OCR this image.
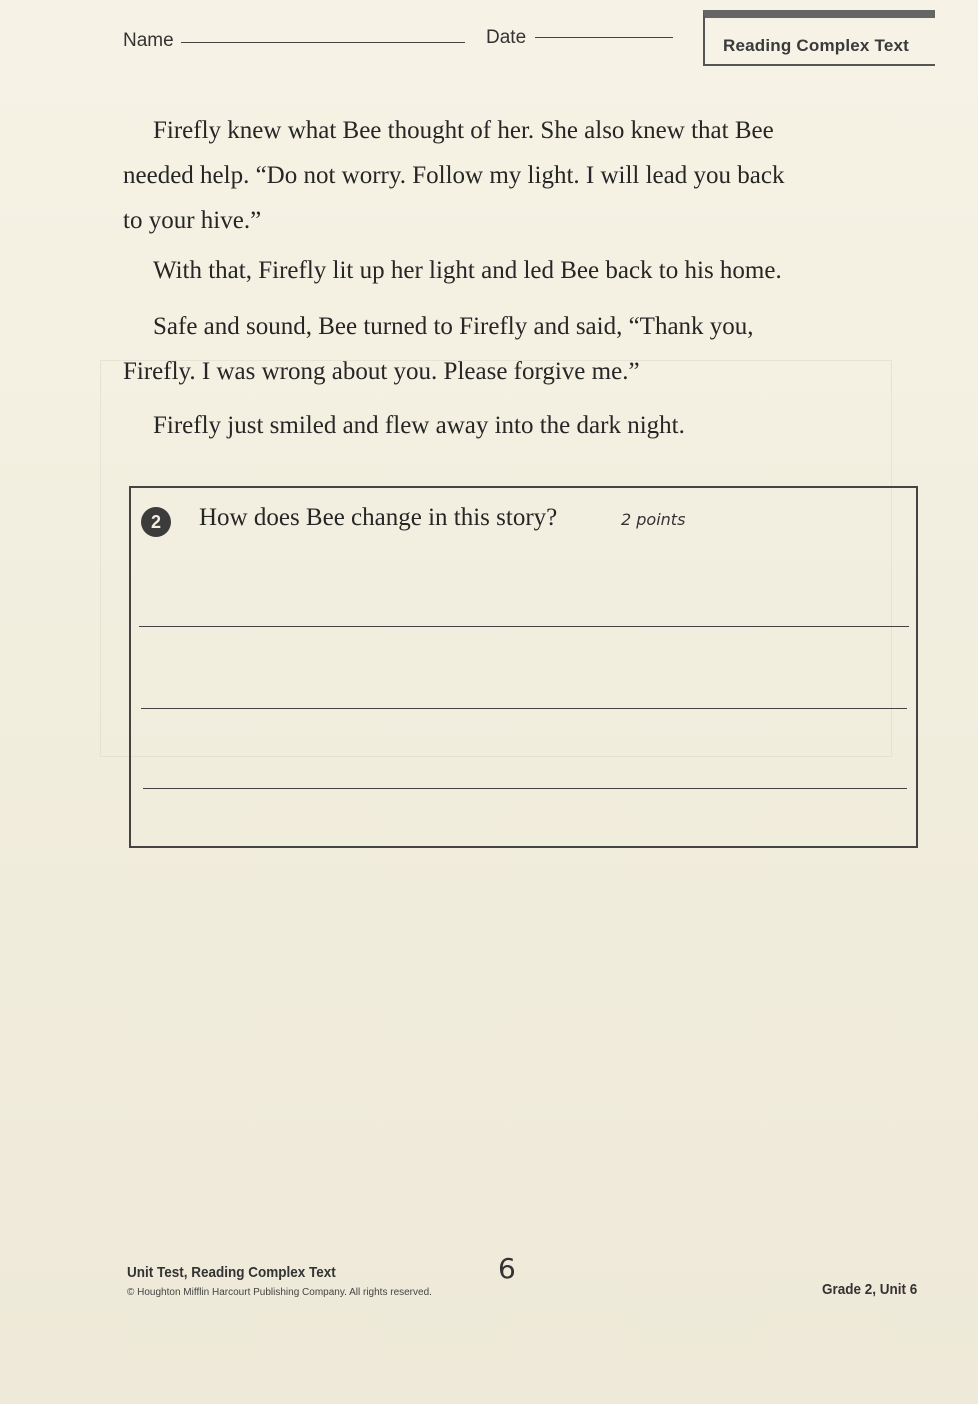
Name	Date	Reading Complex Text

Firefly knew what Bee thought of her. She also knew that Bee

needed help. “Do not worry. Follow my light. I will lead you back

to your hive.”

With that, Firefly lit up her light and led Bee back to his home.

Safe and sound, Bee turned to Firefly and said, “Thank you,

Firefly. I was wrong about you. Please forgive me.”

Firefly just smiled and flew away into the dark night.

2	How does Bee change in this story?	2 points
Unit Test, Reading Complex Text
© Houghton Mifflin Harcourt Publishing Company. All rights reserved.
6
Grade 2, Unit 6
